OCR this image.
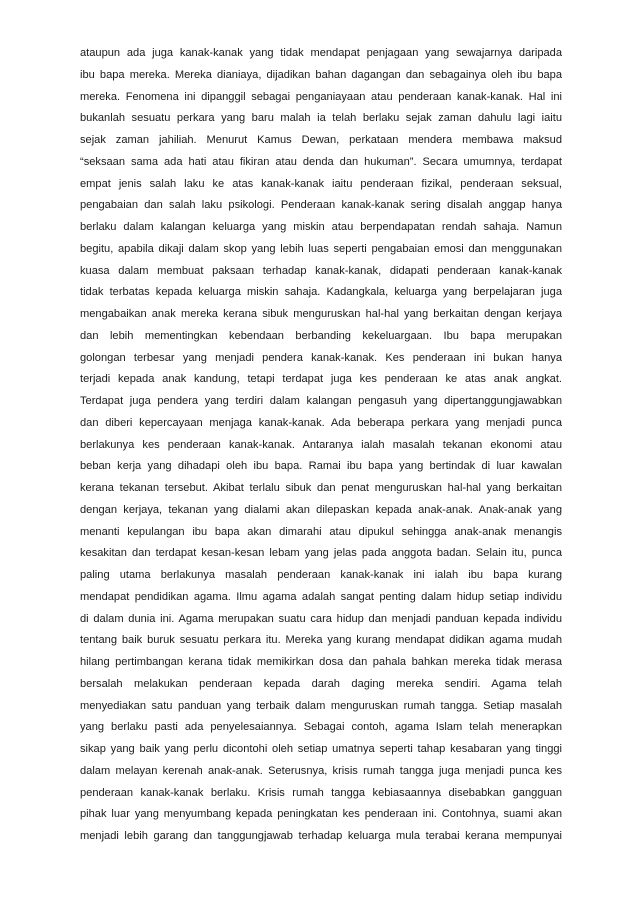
ataupun ada juga kanak-kanak yang tidak mendapat penjagaan yang sewajarnya daripada
ibu bapa mereka. Mereka dianiaya, dijadikan bahan dagangan dan sebagainya oleh ibu bapa
mereka. Fenomena ini dipanggil sebagai penganiayaan atau penderaan kanak-kanak. Hal ini
bukanlah sesuatu perkara yang baru malah ia telah berlaku sejak zaman dahulu lagi iaitu
sejak zaman jahiliah. Menurut Kamus Dewan, perkataan mendera membawa maksud
“seksaan sama ada hati atau fikiran atau denda dan hukuman”. Secara umumnya, terdapat
empat jenis salah laku ke atas kanak-kanak iaitu penderaan fizikal, penderaan seksual,
pengabaian dan salah laku psikologi. Penderaan kanak-kanak sering disalah anggap hanya
berlaku dalam kalangan keluarga yang miskin atau berpendapatan rendah sahaja. Namun
begitu, apabila dikaji dalam skop yang lebih luas seperti pengabaian emosi dan menggunakan
kuasa dalam membuat paksaan terhadap kanak-kanak, didapati penderaan kanak-kanak
tidak terbatas kepada keluarga miskin sahaja. Kadangkala, keluarga yang berpelajaran juga
mengabaikan anak mereka kerana sibuk menguruskan hal-hal yang berkaitan dengan kerjaya
dan lebih mementingkan kebendaan berbanding kekeluargaan. Ibu bapa merupakan
golongan terbesar yang menjadi pendera kanak-kanak. Kes penderaan ini bukan hanya
terjadi kepada anak kandung, tetapi terdapat juga kes penderaan ke atas anak angkat.
Terdapat juga pendera yang terdiri dalam kalangan pengasuh yang dipertanggungjawabkan
dan diberi kepercayaan menjaga kanak-kanak. Ada beberapa perkara yang menjadi punca
berlakunya kes penderaan kanak-kanak. Antaranya ialah masalah tekanan ekonomi atau
beban kerja yang dihadapi oleh ibu bapa. Ramai ibu bapa yang bertindak di luar kawalan
kerana tekanan tersebut. Akibat terlalu sibuk dan penat menguruskan hal-hal yang berkaitan
dengan kerjaya, tekanan yang dialami akan dilepaskan kepada anak-anak. Anak-anak yang
menanti kepulangan ibu bapa akan dimarahi atau dipukul sehingga anak-anak menangis
kesakitan dan terdapat kesan-kesan lebam yang jelas pada anggota badan. Selain itu, punca
paling utama berlakunya masalah penderaan kanak-kanak ini ialah ibu bapa kurang
mendapat pendidikan agama. Ilmu agama adalah sangat penting dalam hidup setiap individu
di dalam dunia ini. Agama merupakan suatu cara hidup dan menjadi panduan kepada individu
tentang baik buruk sesuatu perkara itu. Mereka yang kurang mendapat didikan agama mudah
hilang pertimbangan kerana tidak memikirkan dosa dan pahala bahkan mereka tidak merasa
bersalah melakukan penderaan kepada darah daging mereka sendiri. Agama telah
menyediakan satu panduan yang terbaik dalam menguruskan rumah tangga. Setiap masalah
yang berlaku pasti ada penyelesaiannya. Sebagai contoh, agama Islam telah menerapkan
sikap yang baik yang perlu dicontohi oleh setiap umatnya seperti tahap kesabaran yang tinggi
dalam melayan kerenah anak-anak. Seterusnya, krisis rumah tangga juga menjadi punca kes
penderaan kanak-kanak berlaku. Krisis rumah tangga kebiasaannya disebabkan gangguan
pihak luar yang menyumbang kepada peningkatan kes penderaan ini. Contohnya, suami akan
menjadi lebih garang dan tanggungjawab terhadap keluarga mula terabai kerana mempunyai
